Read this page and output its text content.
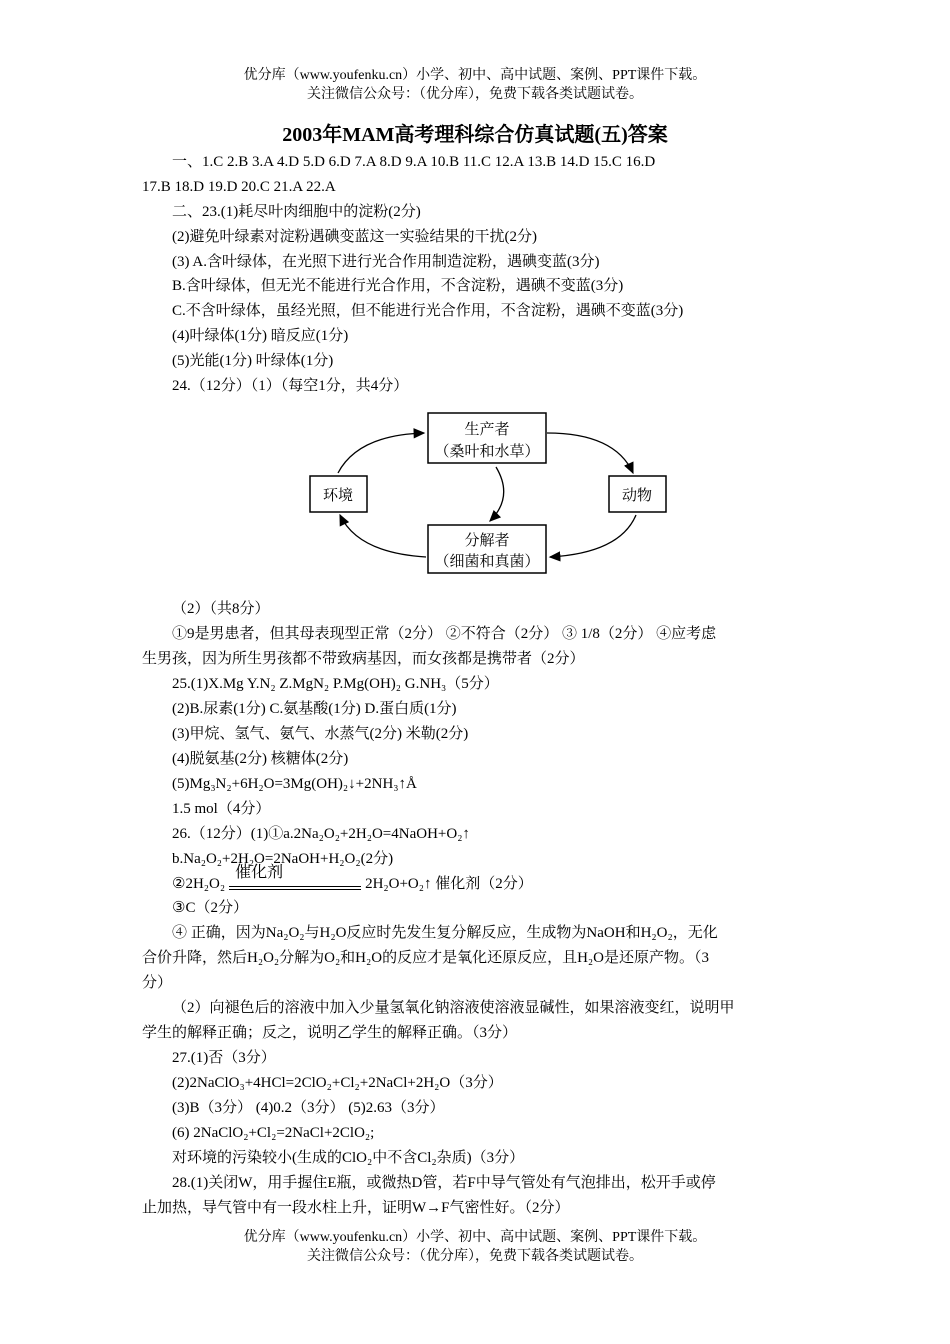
优分库（www.youfenku.cn）小学、初中、高中试题、案例、PPT课件下载。
关注微信公众号：（优分库），免费下载各类试题试卷。
2003年MAM高考理科综合仿真试题(五)答案
一、1.C 2.B 3.A 4.D 5.D 6.D 7.A 8.D 9.A 10.B 11.C 12.A 13.B 14.D 15.C 16.D
17.B 18.D 19.D 20.C 21.A 22.A
二、23.(1)耗尽叶肉细胞中的淀粉(2分)
(2)避免叶绿素对淀粉遇碘变蓝这一实验结果的干扰(2分)
(3) A.含叶绿体，在光照下进行光合作用制造淀粉，遇碘变蓝(3分)
B.含叶绿体，但无光不能进行光合作用，不含淀粉，遇碘不变蓝(3分)
C.不含叶绿体，虽经光照，但不能进行光合作用，不含淀粉，遇碘不变蓝(3分)
(4)叶绿体(1分) 暗反应(1分)
(5)光能(1分) 叶绿体(1分)
24.（12分）（1）（每空1分，共4分）
生产者
（桑叶和水草）
环境	动物
分解者
（细菌和真菌）
（2）（共8分）
①9是男患者，但其母表现型正常（2分） ②不符合（2分） ③ 1/8（2分） ④应考虑
生男孩，因为所生男孩都不带致病基因，而女孩都是携带者（2分）
25.(1)X.Mg Y.N₂ Z.MgN₂ P.Mg(OH)₂ G.NH₃（5分）
(2)B.尿素(1分) C.氨基酸(1分) D.蛋白质(1分)
(3)甲烷、氢气、氨气、水蒸气(2分) 米勒(2分)
(4)脱氨基(2分) 核糖体(2分)
(5)Mg₃N₂+6H₂O=3Mg(OH)₂↓+2NH₃↑Å
1.5 mol（4分）
26.（12分）(1)①a.2Na₂O₂+2H₂O=4NaOH+O₂↑
b.Na₂O₂+2H₂O=2NaOH+H₂O₂(2分)
②2H₂O₂
催化剂
2H₂O+O₂↑ 催化剂（2分）
③C（2分）
④ 正确，因为Na₂O₂与H₂O反应时先发生复分解反应，生成物为NaOH和H₂O₂，无化
合价升降，然后H₂O₂分解为O₂和H₂O的反应才是氧化还原反应，且H₂O是还原产物。（3
分）
（2）向褪色后的溶液中加入少量氢氧化钠溶液使溶液显碱性，如果溶液变红，说明甲
学生的解释正确；反之，说明乙学生的解释正确。（3分）
27.(1)否（3分）
(2)2NaClO₃+4HCl=2ClO₂+Cl₂+2NaCl+2H₂O（3分）
(3)B（3分） (4)0.2（3分） (5)2.63（3分）
(6) 2NaClO₂+Cl₂=2NaCl+2ClO₂;
对环境的污染较小(生成的ClO₂中不含Cl₂杂质)（3分）
28.(1)关闭W，用手握住E瓶，或微热D管，若F中导气管处有气泡排出，松开手或停
止加热，导气管中有一段水柱上升，证明W→F气密性好。（2分）
优分库（www.youfenku.cn）小学、初中、高中试题、案例、PPT课件下载。
关注微信公众号：（优分库），免费下载各类试题试卷。
